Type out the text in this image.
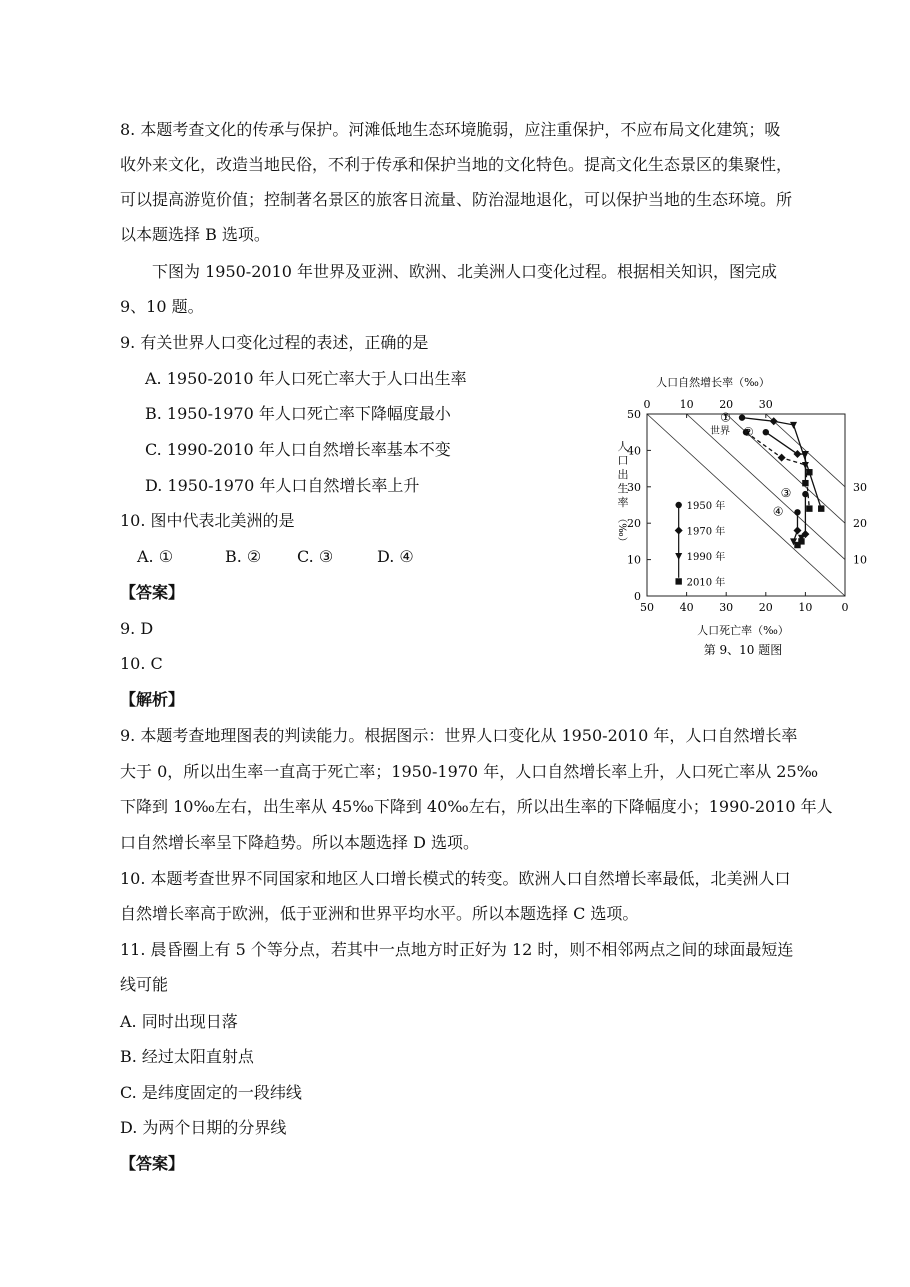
8. 本题考查文化的传承与保护。河滩低地生态环境脆弱，应注重保护，不应布局文化建筑；吸
收外来文化，改造当地民俗，不利于传承和保护当地的文化特色。提高文化生态景区的集聚性，
可以提高游览价值；控制著名景区的旅客日流量、防治湿地退化，可以保护当地的生态环境。所
以本题选择 B 选项。
下图为 1950-2010 年世界及亚洲、欧洲、北美洲人口变化过程。根据相关知识，图完成
9、10 题。
9. 有关世界人口变化过程的表述，正确的是
A. 1950-2010 年人口死亡率大于人口出生率
B. 1950-1970 年人口死亡率下降幅度最小
C. 1990-2010 年人口自然增长率基本不变
D. 1950-1970 年人口自然增长率上升
10. 图中代表北美洲的是
A. ①	B. ② C. ③	D. ④
【答案】
9. D
10. C
【解析】
9. 本题考查地理图表的判读能力。根据图示：世界人口变化从 1950-2010 年，人口自然增长率
大于 0，所以出生率一直高于死亡率；1950-1970 年，人口自然增长率上升，人口死亡率从 25‰
下降到 10‰左右，出生率从 45‰下降到 40‰左右，所以出生率的下降幅度小；1990-2010 年人
口自然增长率呈下降趋势。所以本题选择 D 选项。
10. 本题考查世界不同国家和地区人口增长模式的转变。欧洲人口自然增长率最低，北美洲人口
自然增长率高于欧洲，低于亚洲和世界平均水平。所以本题选择 C 选项。
11. 晨昏圈上有 5 个等分点，若其中一点地方时正好为 12 时，则不相邻两点之间的球面最短连
线可能
A. 同时出现日落
B. 经过太阳直射点
C. 是纬度固定的一段纬线
D. 为两个日期的分界线
【答案】
人口自然增长率（‰）
人口死亡率（‰）
第 9、10 题图
人
口
出
生
率
（‰）
50 40 30 20 10	0
0
10
20
30
40
50
0	10 20 30
10
20
30
①
世界 ②
③
④
1950 年
1970 年
1990 年
2010 年
